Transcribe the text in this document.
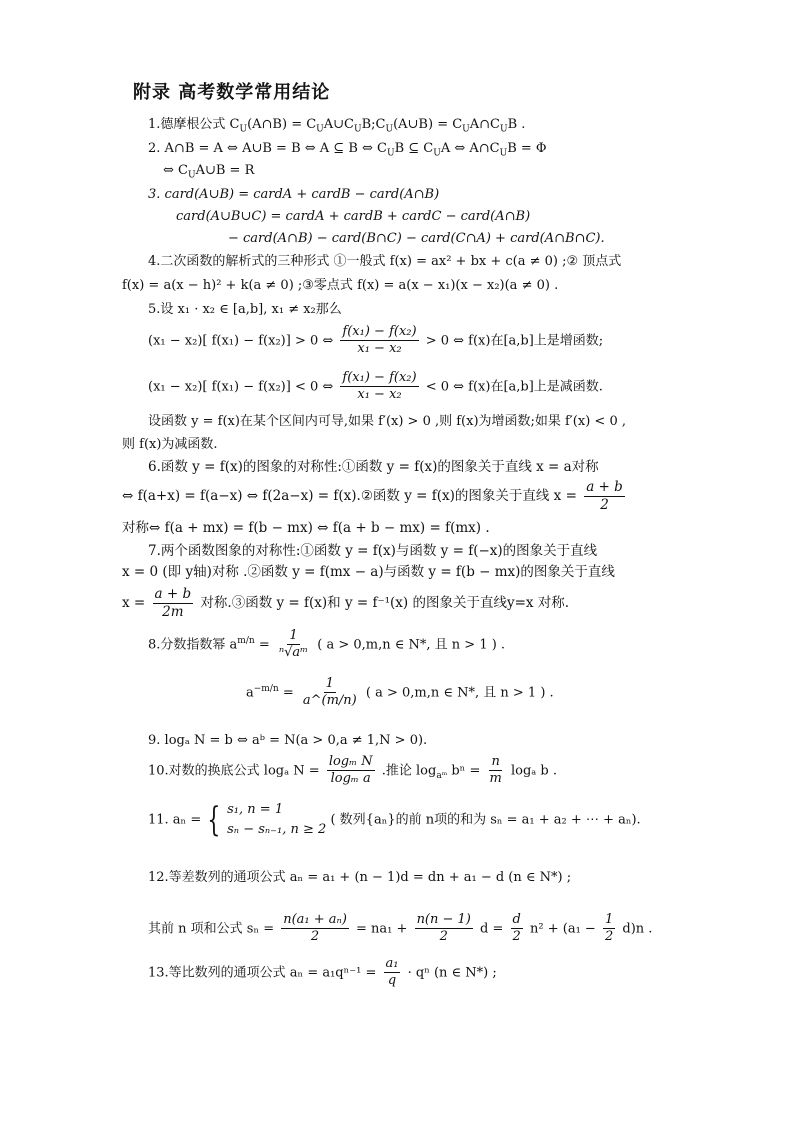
附录 高考数学常用结论
1.德摩根公式 $C_U(A\cap B)$ = $C_UA\cup C_UB;C_U(A\cup B)$ = $C_UA\cap C_UB$ .
2. A∩B = A ⇔ A∪B = B ⇔ A ⊆ B ⇔ $C_UB$ ⊆ $C_UA$ ⇔ $A\cap C_UB = \Phi$
⇔ $C_UA\cup B = R$
3. card(A∪B) = cardA + cardB − card(A∩B)
card(A∪B∪C) = cardA + cardB + cardC − card(A∩B)
− card(A∩B) − card(B∩C) − card(C∩A) + card(A∩B∩C).
4.二次函数的解析式的三种形式 ①一般式 f(x) = ax² + bx + c(a ≠ 0) ;② 顶点式
f(x) = a(x − h)² + k(a ≠ 0) ;③零点式 f(x) = a(x − x₁)(x − x₂)(a ≠ 0) .
5.设 x₁ · x₂ ∈ [a,b], x₁ ≠ x₂那么
(x₁ − x₂)[ f(x₁) − f(x₂)] > 0 ⇔ $\frac{\text{f(x₁) − f(x₂)}}{\text{x₁ − x₂}} > 0$ ⇔ f(x)在[a,b]上是增函数;
(x₁ − x₂)[ f(x₁) − f(x₂)] < 0 ⇔ $\frac{\text{f(x₁) − f(x₂)}}{\text{x₁ − x₂}} < 0$ ⇔ f(x)在[a,b]上是减函数.
设函数 y = f(x)在某个区间内可导,如果 f′(x) > 0 ,则 f(x)为增函数;如果 f′(x) < 0 ,
则 f(x)为减函数.
6.函数 y = f(x)的图象的对称性:①函数 y = f(x)的图象关于直线 x = a对称
⇔ f(a+x) = f(a−x) ⇔ f(2a−x) = f(x).②函数 y = f(x)的图象关于直线 $x = \frac{a + b}{2}$
对称⇔ f(a + mx) = f(b − mx) ⇔ f(a + b − mx) = f(mx) .
7.两个函数图象的对称性:①函数 y = f(x)与函数 y = f(−x)的图象关于直线
x = 0 (即 y轴)对称 .②函数 y = f(mx − a)与函数 y = f(b − mx)的图象关于直线
$x = \frac{a + b}{2m}$ 对称.③函数 y = f(x)和 y = f⁻¹(x) 的图象关于直线y=x 对称.
8.分数指数幂 $a^{m/n} = \frac{1}{\text{ⁿ√aᵐ}}$ ( a > 0,m,n ∈ N*, 且 n > 1 ) .
$a^{-m/n} = \frac{1}{a\^{}(m/n)}$ ( a > 0,m,n ∈ N*, 且 n > 1 ) .
9. logₐ N = b ⇔ aᵇ = N(a > 0,a ≠ 1,N > 0).
10.对数的换底公式 logₐ $N = \frac{\text{logₘ N}}{\text{logₘ a}}$ .推论 $\log_{aᵐ} b^n = \frac{n}{m}$ logₐ b .
11. aₙ = { s₁, n = 1
sₙ − sₙ₋₁, n ≥ 2
( 数列{aₙ}的前 n项的和为 sₙ = a₁ + a₂ + ⋯ + aₙ).
12.等差数列的通项公式 aₙ = a₁ + (n − 1)d = dn + a₁ − d (n ∈ N*) ;
其前 n 项和公式 $s_n = \frac{\text{n(a₁ + aₙ)}}{2} = na_1 + \frac{n(n - 1)}{2}$ $d = \frac{d}{2} n^2 + (a_1 - \frac{1}{2} d)n$ .
13.等比数列的通项公式 $a_n = a_1q^{n-1} = \frac{\text{a₁}}{q} \cdot q^n$ (n ∈ N*) ;
